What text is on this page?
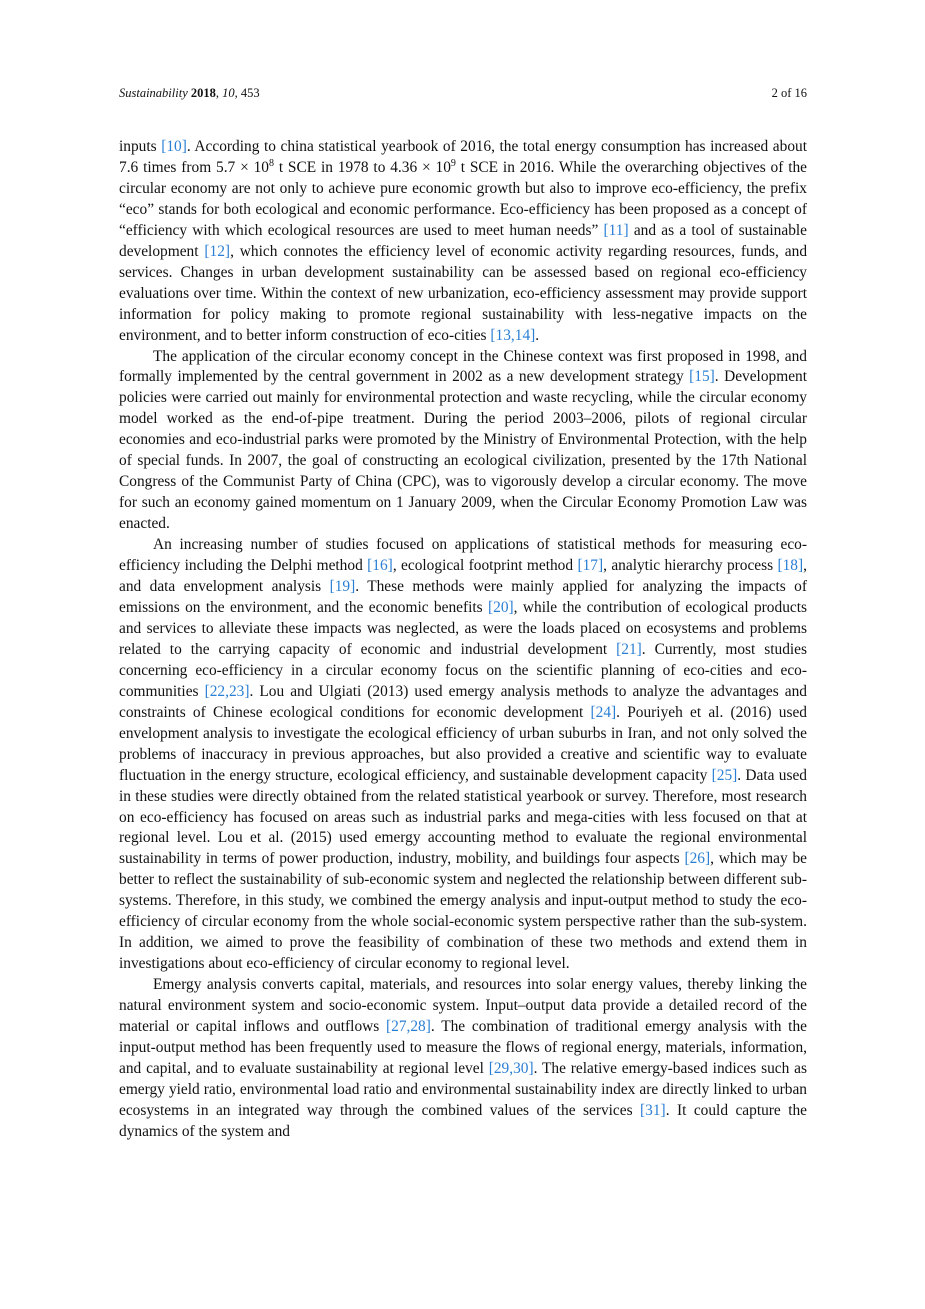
Sustainability 2018, 10, 453	2 of 16

inputs [10]. According to china statistical yearbook of 2016, the total energy consumption has increased about 7.6 times from $5.7 \times 10^8$ t SCE in 1978 to $4.36 \times 10^9$ t SCE in 2016. While the overarching objectives of the circular economy are not only to achieve pure economic growth but also to improve eco-efficiency, the prefix “eco” stands for both ecological and economic performance. Eco-efficiency has been proposed as a concept of “efficiency with which ecological resources are used to meet human needs” [11] and as a tool of sustainable development [12], which connotes the efficiency level of economic activity regarding resources, funds, and services. Changes in urban development sustainability can be assessed based on regional eco-efficiency evaluations over time. Within the context of new urbanization, eco-efficiency assessment may provide support information for policy making to promote regional sustainability with less-negative impacts on the environment, and to better inform construction of eco-cities [13,14].

The application of the circular economy concept in the Chinese context was first proposed in 1998, and formally implemented by the central government in 2002 as a new development strategy [15]. Development policies were carried out mainly for environmental protection and waste recycling, while the circular economy model worked as the end-of-pipe treatment. During the period 2003–2006, pilots of regional circular economies and eco-industrial parks were promoted by the Ministry of Environmental Protection, with the help of special funds. In 2007, the goal of constructing an ecological civilization, presented by the 17th National Congress of the Communist Party of China (CPC), was to vigorously develop a circular economy. The move for such an economy gained momentum on 1 January 2009, when the Circular Economy Promotion Law was enacted.

An increasing number of studies focused on applications of statistical methods for measuring eco-efficiency including the Delphi method [16], ecological footprint method [17], analytic hierarchy process [18], and data envelopment analysis [19]. These methods were mainly applied for analyzing the impacts of emissions on the environment, and the economic benefits [20], while the contribution of ecological products and services to alleviate these impacts was neglected, as were the loads placed on ecosystems and problems related to the carrying capacity of economic and industrial development [21]. Currently, most studies concerning eco-efficiency in a circular economy focus on the scientific planning of eco-cities and eco-communities [22,23]. Lou and Ulgiati (2013) used emergy analysis methods to analyze the advantages and constraints of Chinese ecological conditions for economic development [24]. Pouriyeh et al. (2016) used envelopment analysis to investigate the ecological efficiency of urban suburbs in Iran, and not only solved the problems of inaccuracy in previous approaches, but also provided a creative and scientific way to evaluate fluctuation in the energy structure, ecological efficiency, and sustainable development capacity [25]. Data used in these studies were directly obtained from the related statistical yearbook or survey. Therefore, most research on eco-efficiency has focused on areas such as industrial parks and mega-cities with less focused on that at regional level. Lou et al. (2015) used emergy accounting method to evaluate the regional environmental sustainability in terms of power production, industry, mobility, and buildings four aspects [26], which may be better to reflect the sustainability of sub-economic system and neglected the relationship between different sub-systems. Therefore, in this study, we combined the emergy analysis and input-output method to study the eco-efficiency of circular economy from the whole social-economic system perspective rather than the sub-system. In addition, we aimed to prove the feasibility of combination of these two methods and extend them in investigations about eco-efficiency of circular economy to regional level.

Emergy analysis converts capital, materials, and resources into solar energy values, thereby linking the natural environment system and socio-economic system. Input–output data provide a detailed record of the material or capital inflows and outflows [27,28]. The combination of traditional emergy analysis with the input-output method has been frequently used to measure the flows of regional energy, materials, information, and capital, and to evaluate sustainability at regional level [29,30]. The relative emergy-based indices such as emergy yield ratio, environmental load ratio and environmental sustainability index are directly linked to urban ecosystems in an integrated way through the combined values of the services [31]. It could capture the dynamics of the system and
